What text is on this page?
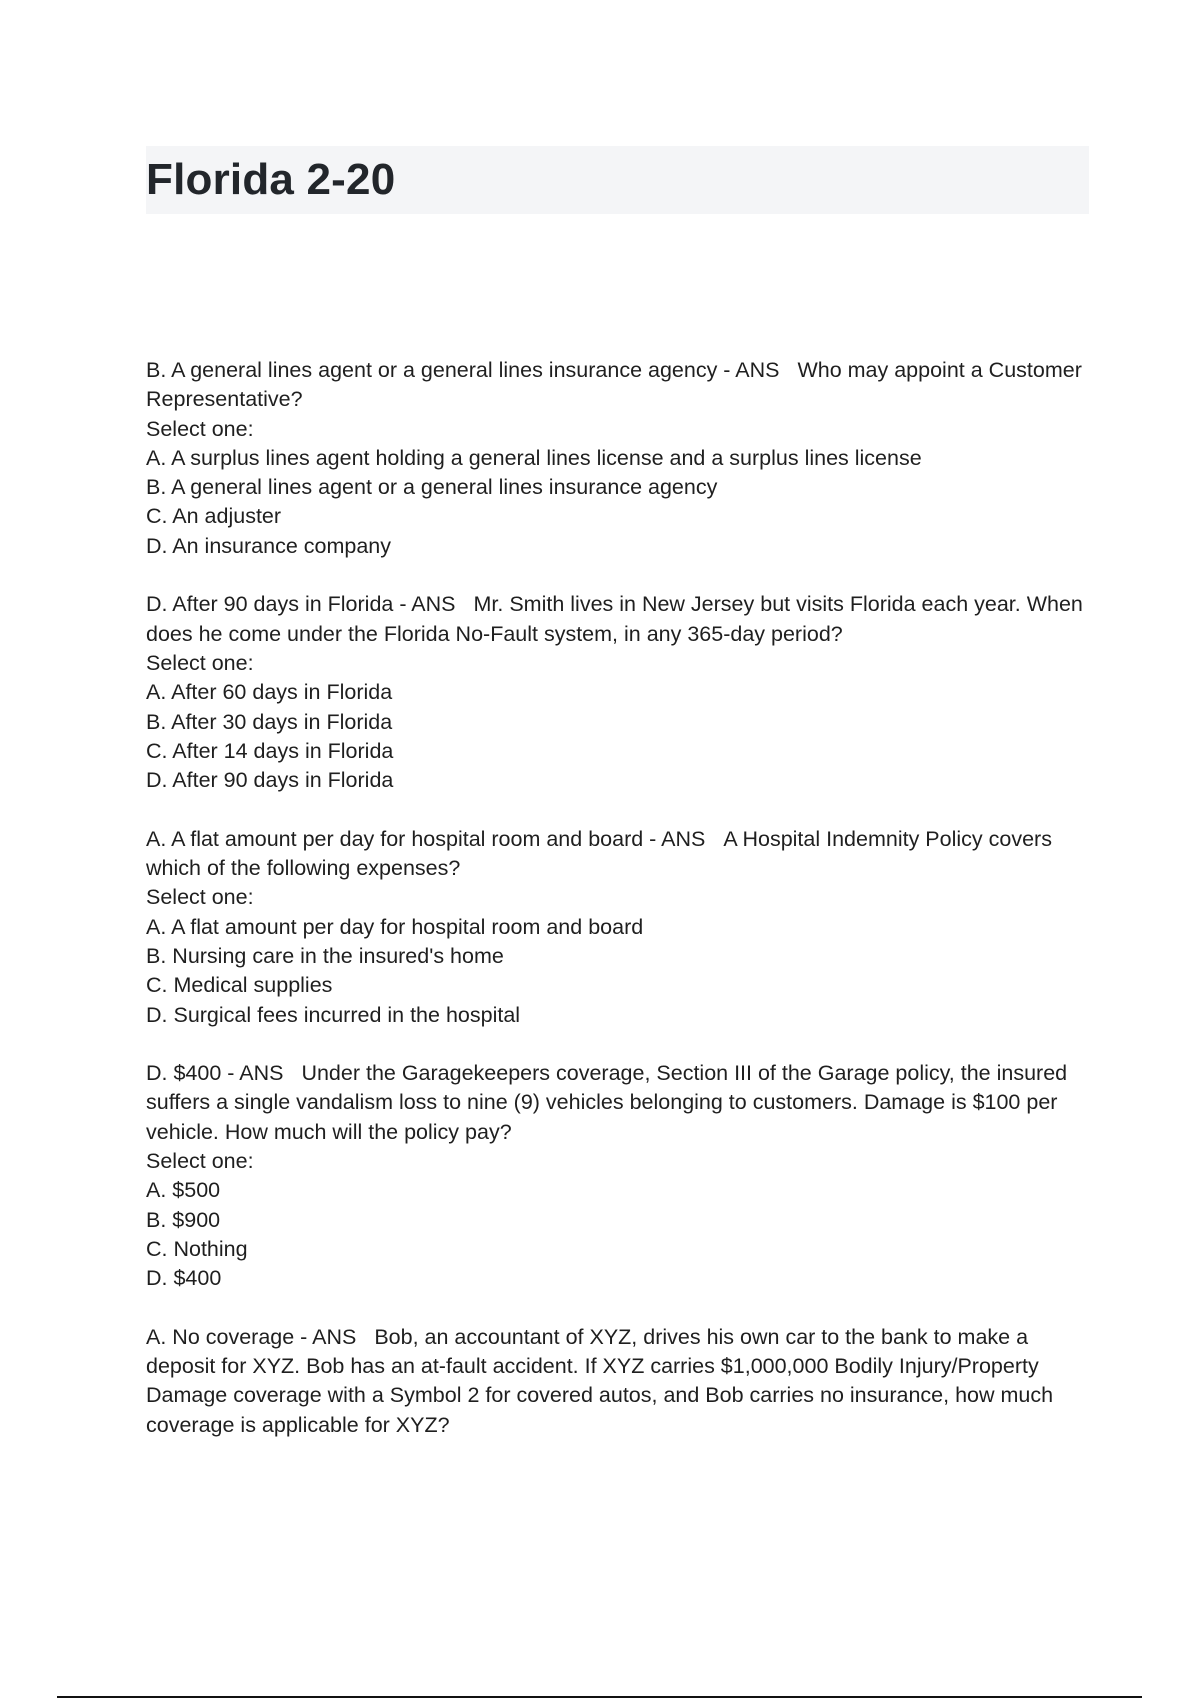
Florida 2-20

B. A general lines agent or a general lines insurance agency - ANS Who may appoint a Customer Representative?

Select one:

A. A surplus lines agent holding a general lines license and a surplus lines license

B. A general lines agent or a general lines insurance agency

C. An adjuster

D. An insurance company

D. After 90 days in Florida - ANS Mr. Smith lives in New Jersey but visits Florida each year. When does he come under the Florida No-Fault system, in any 365-day period?

Select one:

A. After 60 days in Florida

B. After 30 days in Florida

C. After 14 days in Florida

D. After 90 days in Florida

A. A flat amount per day for hospital room and board - ANS A Hospital Indemnity Policy covers which of the following expenses?

Select one:

A. A flat amount per day for hospital room and board

B. Nursing care in the insured's home

C. Medical supplies

D. Surgical fees incurred in the hospital

D. $400 - ANS Under the Garagekeepers coverage, Section III of the Garage policy, the insured suffers a single vandalism loss to nine (9) vehicles belonging to customers. Damage is $100 per vehicle. How much will the policy pay?

Select one:

A. $500

B. $900

C. Nothing

D. $400

A. No coverage - ANS Bob, an accountant of XYZ, drives his own car to the bank to make a deposit for XYZ. Bob has an at-fault accident. If XYZ carries $1,000,000 Bodily Injury/Property Damage coverage with a Symbol 2 for covered autos, and Bob carries no insurance, how much coverage is applicable for XYZ?
